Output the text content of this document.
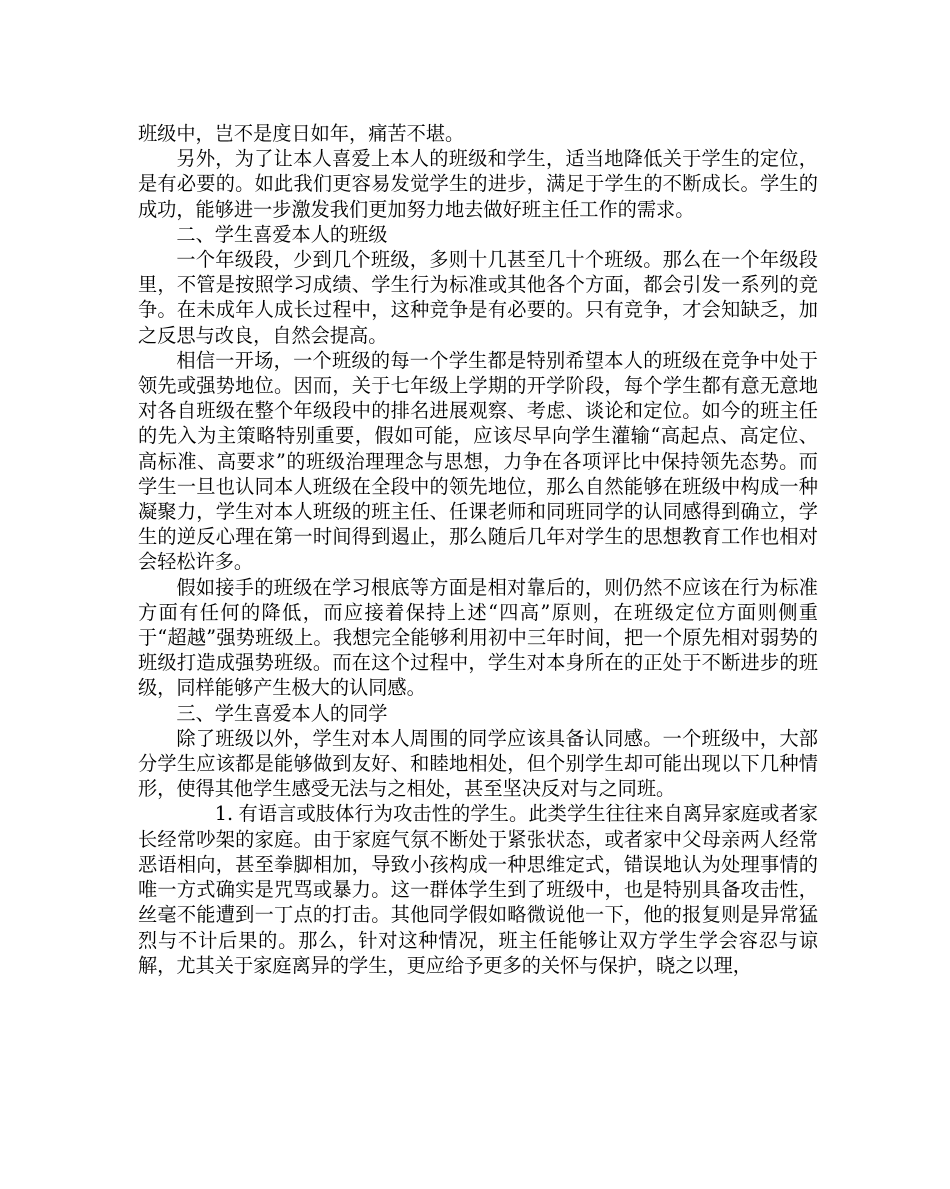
班级中，岂不是度日如年，痛苦不堪。

另外，为了让本人喜爱上本人的班级和学生，适当地降低关于学生的定位，是有必要的。如此我们更容易发觉学生的进步，满足于学生的不断成长。学生的成功，能够进一步激发我们更加努力地去做好班主任工作的需求。

二、学生喜爱本人的班级

一个年级段，少到几个班级，多则十几甚至几十个班级。那么在一个年级段里，不管是按照学习成绩、学生行为标准或其他各个方面，都会引发一系列的竞争。在未成年人成长过程中，这种竞争是有必要的。只有竞争，才会知缺乏，加之反思与改良，自然会提高。

相信一开场，一个班级的每一个学生都是特别希望本人的班级在竞争中处于领先或强势地位。因而，关于七年级上学期的开学阶段，每个学生都有意无意地对各自班级在整个年级段中的排名进展观察、考虑、谈论和定位。如今的班主任的先入为主策略特别重要，假如可能，应该尽早向学生灌输“高起点、高定位、高标准、高要求”的班级治理理念与思想，力争在各项评比中保持领先态势。而学生一旦也认同本人班级在全段中的领先地位，那么自然能够在班级中构成一种凝聚力，学生对本人班级的班主任、任课老师和同班同学的认同感得到确立，学生的逆反心理在第一时间得到遏止，那么随后几年对学生的思想教育工作也相对会轻松许多。

假如接手的班级在学习根底等方面是相对靠后的，则仍然不应该在行为标准方面有任何的降低，而应接着保持上述“四高”原则，在班级定位方面则侧重于“超越”强势班级上。我想完全能够利用初中三年时间，把一个原先相对弱势的班级打造成强势班级。而在这个过程中，学生对本身所在的正处于不断进步的班级，同样能够产生极大的认同感。

三、学生喜爱本人的同学

除了班级以外，学生对本人周围的同学应该具备认同感。一个班级中，大部分学生应该都是能够做到友好、和睦地相处，但个别学生却可能出现以下几种情形，使得其他学生感受无法与之相处，甚至坚决反对与之同班。

1. 有语言或肢体行为攻击性的学生。此类学生往往来自离异家庭或者家长经常吵架的家庭。由于家庭气氛不断处于紧张状态，或者家中父母亲两人经常恶语相向，甚至拳脚相加，导致小孩构成一种思维定式，错误地认为处理事情的唯一方式确实是咒骂或暴力。这一群体学生到了班级中，也是特别具备攻击性，丝毫不能遭到一丁点的打击。其他同学假如略微说他一下，他的报复则是异常猛烈与不计后果的。那么，针对这种情况，班主任能够让双方学生学会容忍与谅解，尤其关于家庭离异的学生，更应给予更多的关怀与保护，晓之以理，
